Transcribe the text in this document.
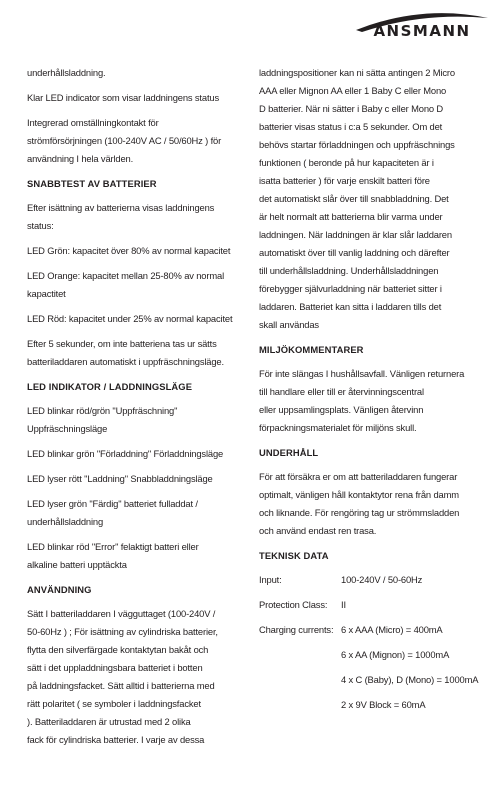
ANSMANN
underhållsladdning.
Klar LED indicator som visar laddningens status
Integrerad omställningkontakt för
strömförsörjningen (100-240V AC / 50/60Hz ) för
användning I hela världen.
SNABBTEST AV BATTERIER
Efter isättning av batterierna visas laddningens
status:
LED Grön: kapacitet över 80% av normal kapacitet
LED Orange: kapacitet mellan 25-80% av normal
kapactitet
LED Röd: kapacitet under 25% av normal kapacitet
Efter 5 sekunder, om inte batteriena tas ur sätts
batteriladdaren automatiskt i uppfräschningsläge.
LED INDIKATOR / LADDNINGSLÄGE
LED blinkar röd/grön "Uppfräschning"
Uppfräschningsläge
LED blinkar grön "Förladdning" Förladdningsläge
LED lyser rött "Laddning" Snabbladdningsläge
LED lyser grön "Färdig" batteriet fulladdat /
underhållsladdning
LED blinkar röd "Error" felaktigt batteri eller
alkaline batteri upptäckta
ANVÄNDNING
Sätt I batteriladdaren I vägguttaget (100-240V /
50-60Hz ) ; För isättning av cylindriska batterier,
flytta den silverfärgade kontaktytan bakåt och
sätt i det uppladdningsbara batteriet i botten
på laddningsfacket. Sätt alltid i batterierna med
rätt polaritet ( se symboler i laddningsfacket
). Batteriladdaren är utrustad med 2 olika
fack för cylindriska batterier. I varje av dessa
laddningspositioner kan ni sätta antingen 2 Micro
AAA eller Mignon AA eller 1 Baby C eller Mono
D batterier. När ni sätter i Baby c eller Mono D
batterier visas status i c:a 5 sekunder. Om det
behövs startar förladdningen och uppfräschnings
funktionen ( beronde på hur kapaciteten är i
isatta batterier ) för varje enskilt batteri före
det automatiskt slår över till snabbladdning. Det
är helt normalt att batterierna blir varma under
laddningen. När laddningen är klar slår laddaren
automatiskt över till vanlig laddning och därefter
till underhållsladdning. Underhållsladdningen
förebygger självurladdning när batteriet sitter i
laddaren. Batteriet kan sitta i laddaren tills det
skall användas
MILJÖKOMMENTARER
För inte slängas I hushållsavfall. Vänligen returnera
till handlare eller till er återvinningscentral
eller uppsamlingsplats. Vänligen återvinn
förpackningsmaterialet för miljöns skull.
UNDERHÅLL
För att försäkra er om att batteriladdaren fungerar
optimalt, vänligen håll kontaktytor rena från damm
och liknande. För rengöring tag ur strömmsladden
och använd endast ren trasa.
TEKNISK DATA
Input:	100-240V / 50-60Hz
Protection Class:	II
Charging currents: 6 x AAA (Micro) = 400mA
6 x AA (Mignon) = 1000mA
4 x C (Baby), D (Mono) = 1000mA
2 x 9V Block = 60mA
